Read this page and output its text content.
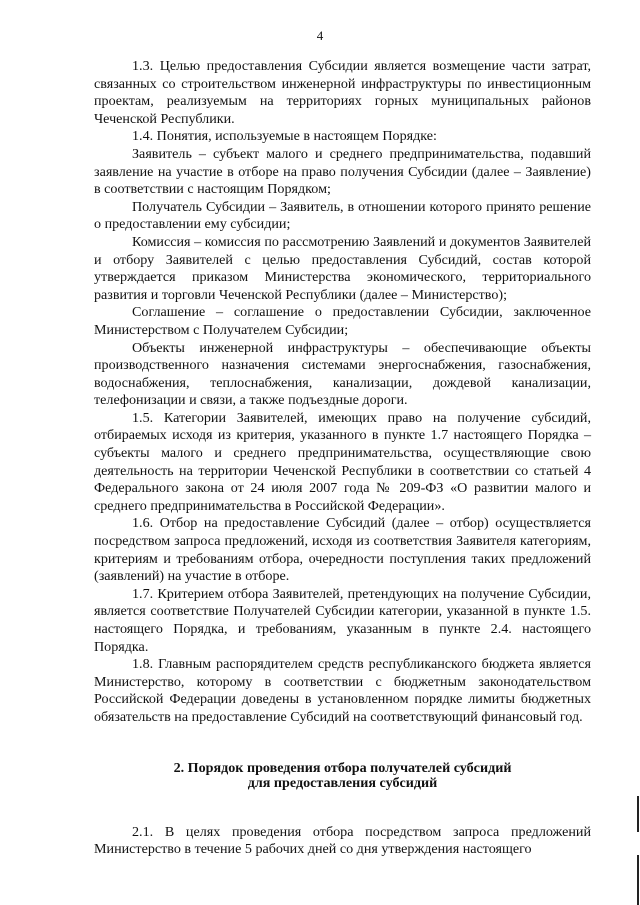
4

1.3. Целью предоставления Субсидии является возмещение части затрат, связанных со строительством инженерной инфраструктуры по инвестиционным проектам, реализуемым на территориях горных муниципальных районов Чеченской Республики.

1.4. Понятия, используемые в настоящем Порядке:

Заявитель – субъект малого и среднего предпринимательства, подавший заявление на участие в отборе на право получения Субсидии (далее – Заявление) в соответствии с настоящим Порядком;

Получатель Субсидии – Заявитель, в отношении которого принято решение о предоставлении ему субсидии;

Комиссия – комиссия по рассмотрению Заявлений и документов Заявителей и отбору Заявителей с целью предоставления Субсидий, состав которой утверждается приказом Министерства экономического, территориального развития и торговли Чеченской Республики (далее – Министерство);

Соглашение – соглашение о предоставлении Субсидии, заключенное Министерством с Получателем Субсидии;

Объекты инженерной инфраструктуры – обеспечивающие объекты производственного назначения системами энергоснабжения, газоснабжения, водоснабжения, теплоснабжения, канализации, дождевой канализации, телефонизации и связи, а также подъездные дороги.

1.5. Категории Заявителей, имеющих право на получение субсидий, отбираемых исходя из критерия, указанного в пункте 1.7 настоящего Порядка – субъекты малого и среднего предпринимательства, осуществляющие свою деятельность на территории Чеченской Республики в соответствии со статьей 4 Федерального закона от 24 июля 2007 года № 209-ФЗ «О развитии малого и среднего предпринимательства в Российской Федерации».

1.6. Отбор на предоставление Субсидий (далее – отбор) осуществляется посредством запроса предложений, исходя из соответствия Заявителя категориям, критериям и требованиям отбора, очередности поступления таких предложений (заявлений) на участие в отборе.

1.7. Критерием отбора Заявителей, претендующих на получение Субсидии, является соответствие Получателей Субсидии категории, указанной в пункте 1.5. настоящего Порядка, и требованиям, указанным в пункте 2.4. настоящего Порядка.

1.8. Главным распорядителем средств республиканского бюджета является Министерство, которому в соответствии с бюджетным законодательством Российской Федерации доведены в установленном порядке лимиты бюджетных обязательств на предоставление Субсидий на соответствующий финансовый год.

2. Порядок проведения отбора получателей субсидий
для предоставления субсидий

2.1. В целях проведения отбора посредством запроса предложений Министерство в течение 5 рабочих дней со дня утверждения настоящего
